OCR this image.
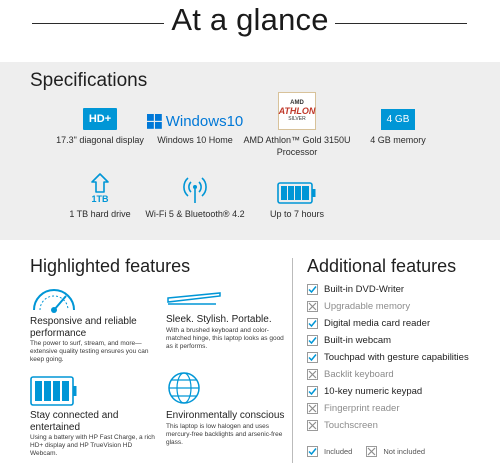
At a glance
Specifications
HD+
17.3" diagonal display
Windows10
Windows 10 Home
AMD
ATHLON
SILVER
AMD Athlon™ Gold 3150U Processor
4 GB
4 GB memory
1TB
1 TB hard drive	Wi-Fi 5 & Bluetooth® 4.2	Up to 7 hours
Highlighted features
Responsive and reliable performance
The power to surf, stream, and more—extensive quality testing ensures you can keep going.
Sleek. Stylish. Portable.
With a brushed keyboard and color-matched hinge, this laptop looks as good as it performs.
Stay connected and entertained
Using a battery with HP Fast Charge, a rich HD+ display and HP TrueVision HD Webcam.
Environmentally conscious
This laptop is low halogen and uses mercury-free backlights and arsenic-free glass.
Additional features
Built-in DVD-Writer
Upgradable memory
Digital media card reader
Built-in webcam
Touchpad with gesture capabilities
Backlit keyboard
10-key numeric keypad
Fingerprint reader
Touchscreen
Included	Not included
